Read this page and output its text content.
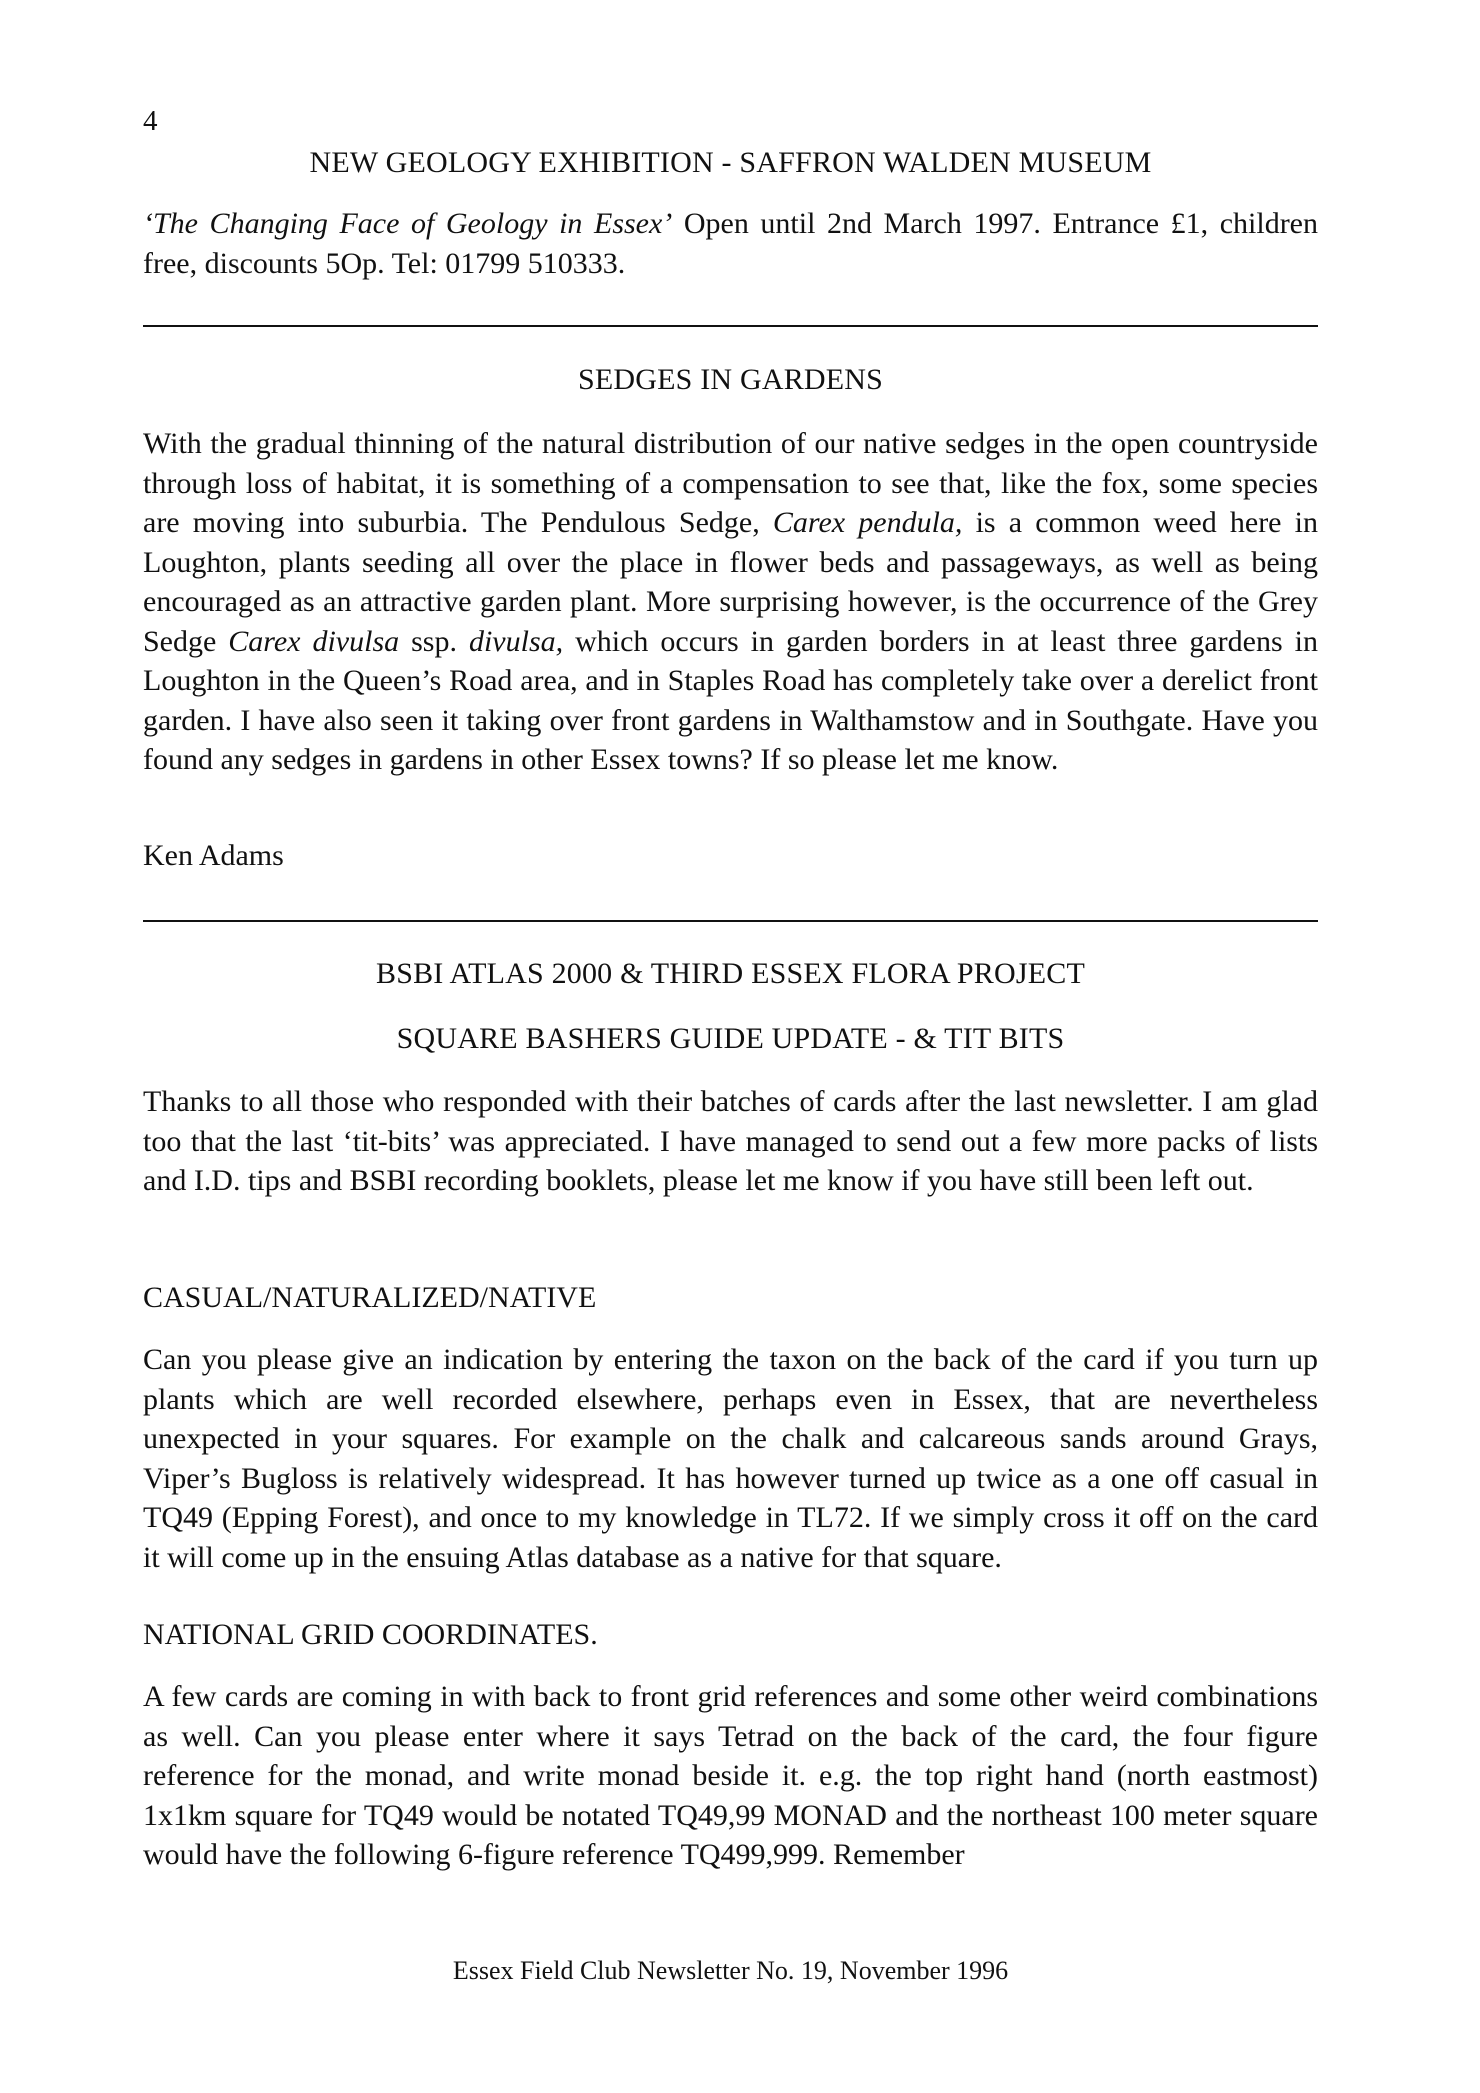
4
NEW GEOLOGY EXHIBITION - SAFFRON WALDEN MUSEUM

‘The Changing Face of Geology in Essex’ Open until 2nd March 1997. Entrance £1, children free, discounts 5Op. Tel: 01799 510333.

SEDGES IN GARDENS

With the gradual thinning of the natural distribution of our native sedges in the open countryside through loss of habitat, it is something of a compensation to see that, like the fox, some species are moving into suburbia. The Pendulous Sedge, Carex pendula, is a common weed here in Loughton, plants seeding all over the place in flower beds and passageways, as well as being encouraged as an attractive garden plant. More surprising however, is the occurrence of the Grey Sedge Carex divulsa ssp. divulsa, which occurs in garden borders in at least three gardens in Loughton in the Queen’s Road area, and in Staples Road has completely take over a derelict front garden. I have also seen it taking over front gardens in Walthamstow and in Southgate. Have you found any sedges in gardens in other Essex towns? If so please let me know.

Ken Adams
BSBI ATLAS 2000 & THIRD ESSEX FLORA PROJECT
SQUARE BASHERS GUIDE UPDATE - & TIT BITS

Thanks to all those who responded with their batches of cards after the last newsletter. I am glad too that the last ‘tit-bits’ was appreciated. I have managed to send out a few more packs of lists and I.D. tips and BSBI recording booklets, please let me know if you have still been left out.

CASUAL/NATURALIZED/NATIVE

Can you please give an indication by entering the taxon on the back of the card if you turn up plants which are well recorded elsewhere, perhaps even in Essex, that are nevertheless unexpected in your squares. For example on the chalk and calcareous sands around Grays, Viper’s Bugloss is relatively widespread. It has however turned up twice as a one off casual in TQ49 (Epping Forest), and once to my knowledge in TL72. If we simply cross it off on the card it will come up in the ensuing Atlas database as a native for that square.

NATIONAL GRID COORDINATES.

A few cards are coming in with back to front grid references and some other weird combinations as well. Can you please enter where it says Tetrad on the back of the card, the four figure reference for the monad, and write monad beside it. e.g. the top right hand (north eastmost) 1x1km square for TQ49 would be notated TQ49,99 MONAD and the northeast 100 meter square would have the following 6-figure reference TQ499,999. Remember

Essex Field Club Newsletter No. 19, November 1996
